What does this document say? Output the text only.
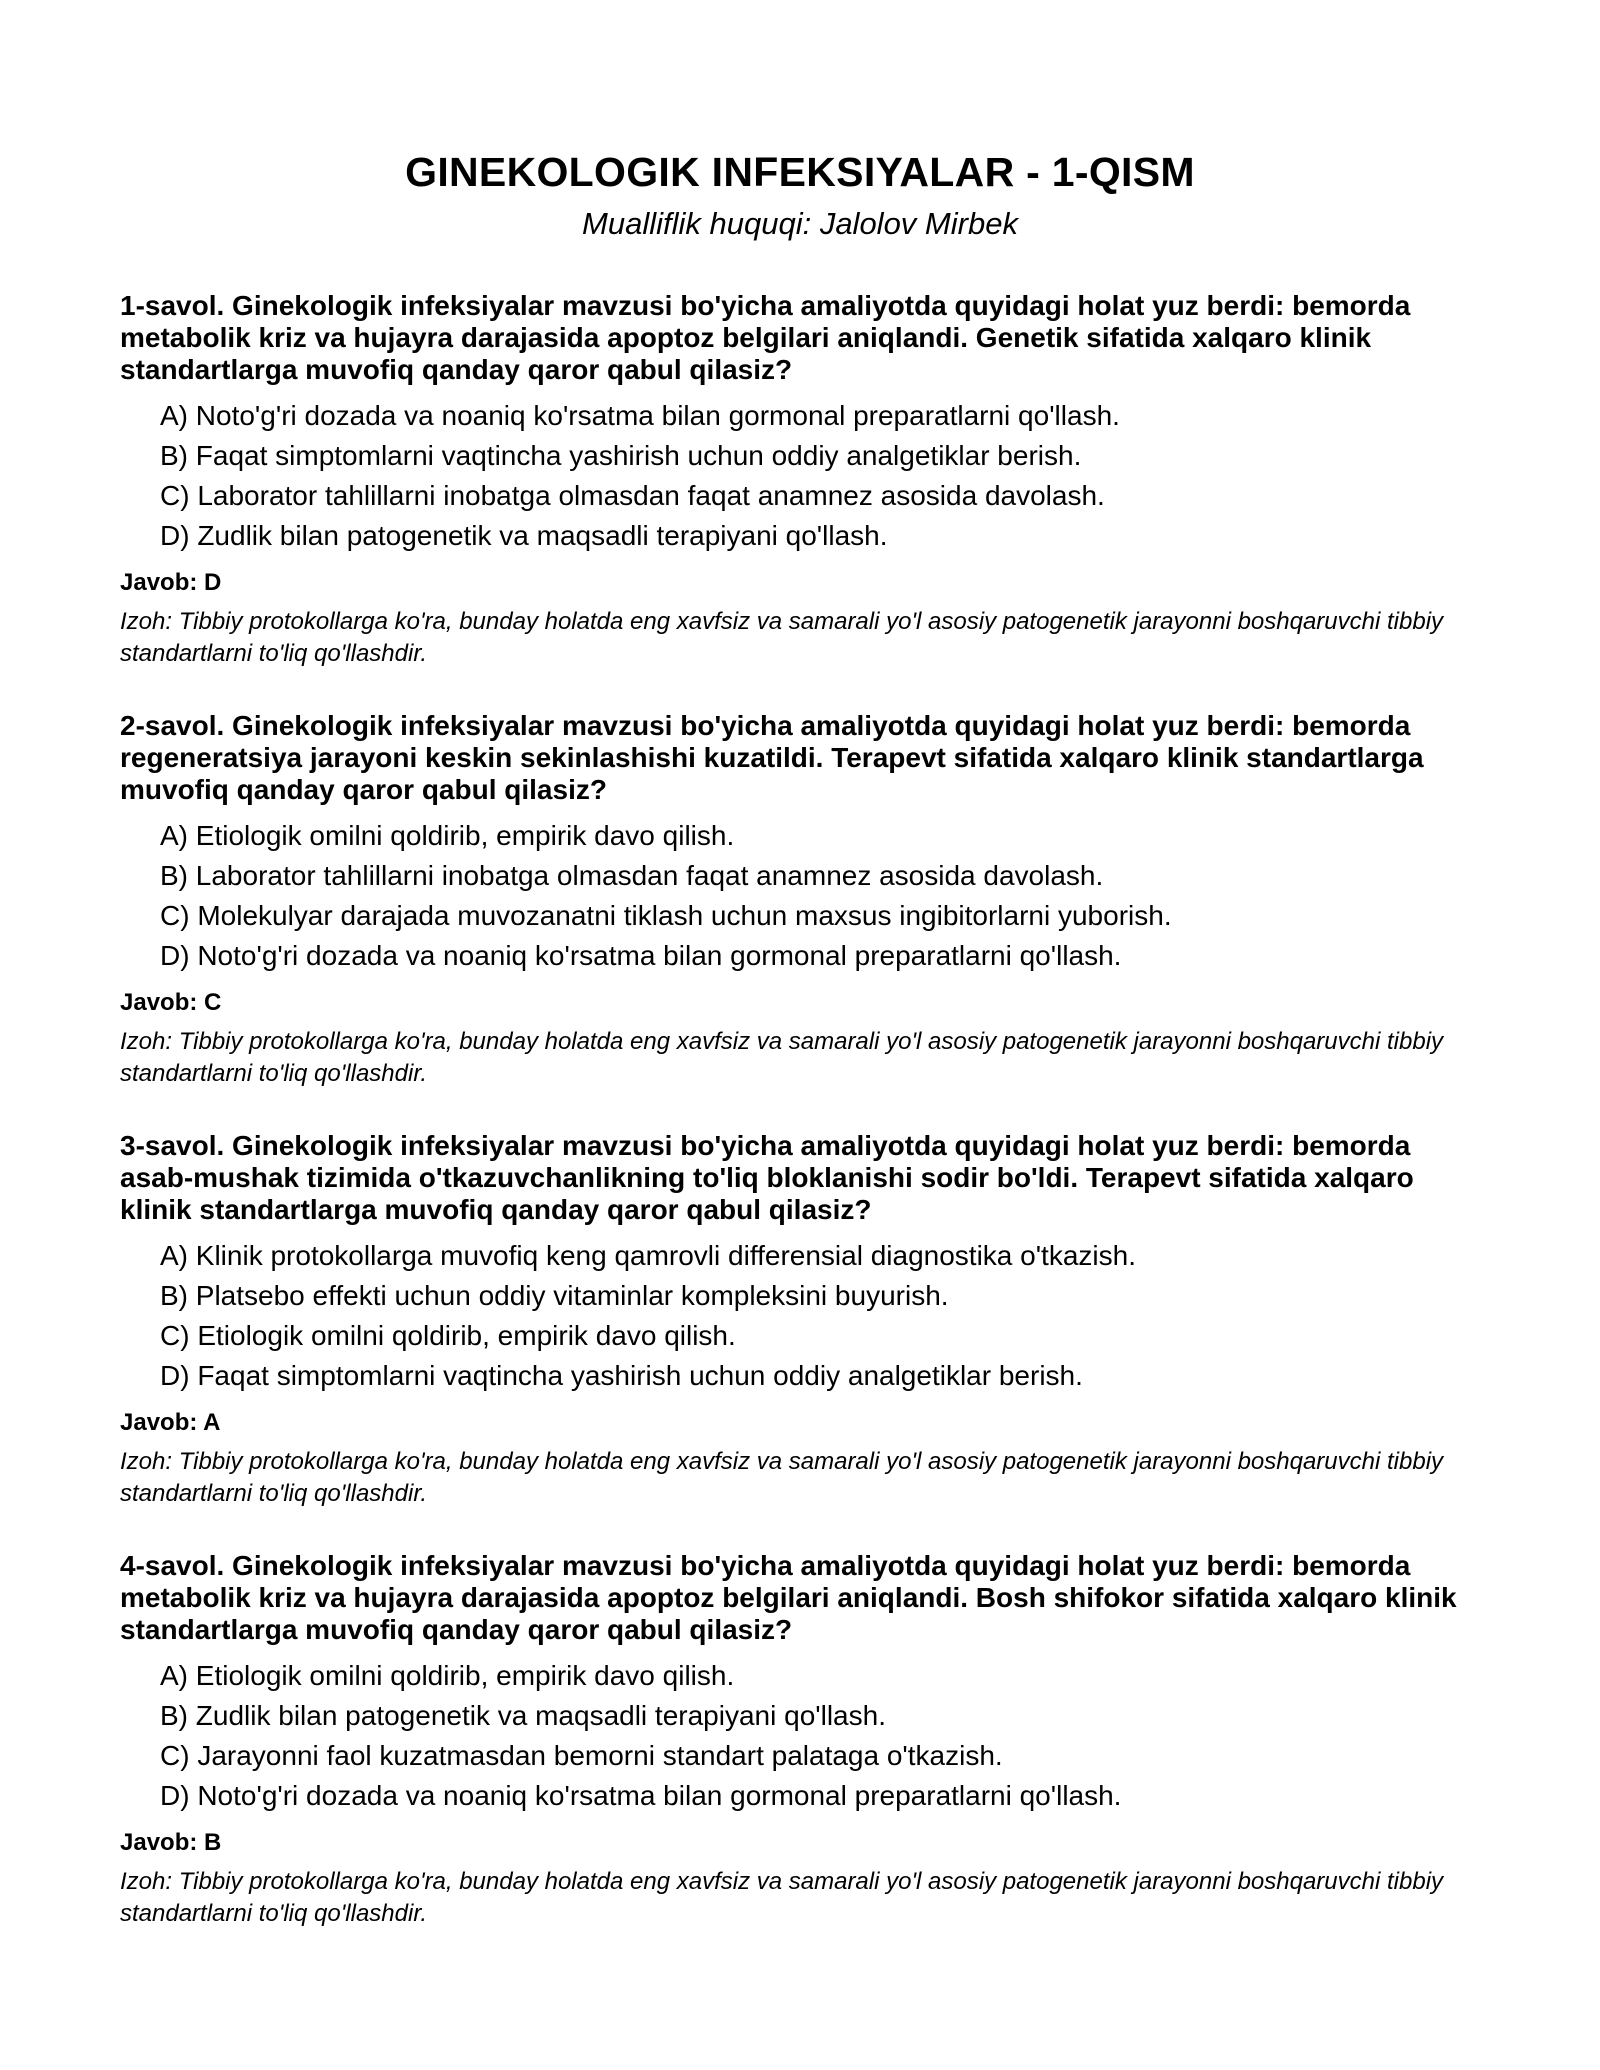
GINEKOLOGIK INFEKSIYALAR - 1-QISM
Mualliflik huquqi: Jalolov Mirbek
1-savol. Ginekologik infeksiyalar mavzusi bo'yicha amaliyotda quyidagi holat yuz berdi: bemorda metabolik kriz va hujayra darajasida apoptoz belgilari aniqlandi. Genetik sifatida xalqaro klinik standartlarga muvofiq qanday qaror qabul qilasiz?
A) Noto'g'ri dozada va noaniq ko'rsatma bilan gormonal preparatlarni qo'llash.
B) Faqat simptomlarni vaqtincha yashirish uchun oddiy analgetiklar berish.
C) Laborator tahlillarni inobatga olmasdan faqat anamnez asosida davolash.
D) Zudlik bilan patogenetik va maqsadli terapiyani qo'llash.
Javob: D

Izoh: Tibbiy protokollarga ko'ra, bunday holatda eng xavfsiz va samarali yo'l asosiy patogenetik jarayonni boshqaruvchi tibbiy standartlarni to'liq qo'llashdir.

2-savol. Ginekologik infeksiyalar mavzusi bo'yicha amaliyotda quyidagi holat yuz berdi: bemorda regeneratsiya jarayoni keskin sekinlashishi kuzatildi. Terapevt sifatida xalqaro klinik standartlarga muvofiq qanday qaror qabul qilasiz?
A) Etiologik omilni qoldirib, empirik davo qilish.
B) Laborator tahlillarni inobatga olmasdan faqat anamnez asosida davolash.
C) Molekulyar darajada muvozanatni tiklash uchun maxsus ingibitorlarni yuborish.
D) Noto'g'ri dozada va noaniq ko'rsatma bilan gormonal preparatlarni qo'llash.
Javob: C

Izoh: Tibbiy protokollarga ko'ra, bunday holatda eng xavfsiz va samarali yo'l asosiy patogenetik jarayonni boshqaruvchi tibbiy standartlarni to'liq qo'llashdir.

3-savol. Ginekologik infeksiyalar mavzusi bo'yicha amaliyotda quyidagi holat yuz berdi: bemorda asab-mushak tizimida o'tkazuvchanlikning to'liq bloklanishi sodir bo'ldi. Terapevt sifatida xalqaro klinik standartlarga muvofiq qanday qaror qabul qilasiz?
A) Klinik protokollarga muvofiq keng qamrovli differensial diagnostika o'tkazish.
B) Platsebo effekti uchun oddiy vitaminlar kompleksini buyurish.
C) Etiologik omilni qoldirib, empirik davo qilish.
D) Faqat simptomlarni vaqtincha yashirish uchun oddiy analgetiklar berish.
Javob: A

Izoh: Tibbiy protokollarga ko'ra, bunday holatda eng xavfsiz va samarali yo'l asosiy patogenetik jarayonni boshqaruvchi tibbiy standartlarni to'liq qo'llashdir.

4-savol. Ginekologik infeksiyalar mavzusi bo'yicha amaliyotda quyidagi holat yuz berdi: bemorda metabolik kriz va hujayra darajasida apoptoz belgilari aniqlandi. Bosh shifokor sifatida xalqaro klinik standartlarga muvofiq qanday qaror qabul qilasiz?
A) Etiologik omilni qoldirib, empirik davo qilish.
B) Zudlik bilan patogenetik va maqsadli terapiyani qo'llash.
C) Jarayonni faol kuzatmasdan bemorni standart palataga o'tkazish.
D) Noto'g'ri dozada va noaniq ko'rsatma bilan gormonal preparatlarni qo'llash.
Javob: B

Izoh: Tibbiy protokollarga ko'ra, bunday holatda eng xavfsiz va samarali yo'l asosiy patogenetik jarayonni boshqaruvchi tibbiy standartlarni to'liq qo'llashdir.
